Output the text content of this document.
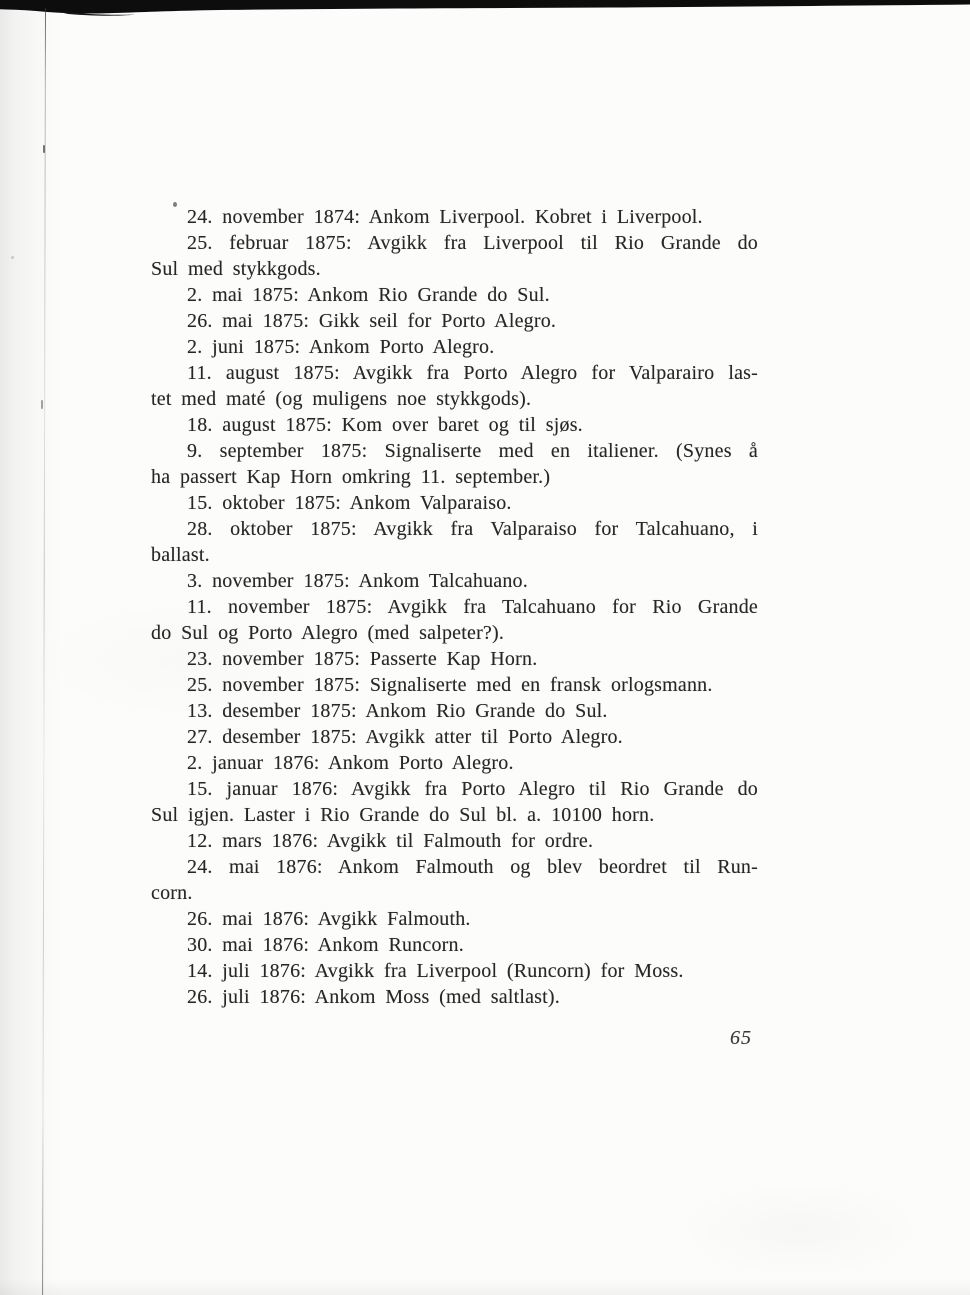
24. november 1874: Ankom Liverpool. Kobret i Liverpool.
25. februar 1875: Avgikk fra Liverpool til Rio Grande do
Sul med stykkgods.
2. mai 1875: Ankom Rio Grande do Sul.
26. mai 1875: Gikk seil for Porto Alegro.
2. juni 1875: Ankom Porto Alegro.
11. august 1875: Avgikk fra Porto Alegro for Valparairo las-
tet med maté (og muligens noe stykkgods).
18. august 1875: Kom over baret og til sjøs.
9. september 1875: Signaliserte med en italiener. (Synes å
ha passert Kap Horn omkring 11. september.)
15. oktober 1875: Ankom Valparaiso.
28. oktober 1875: Avgikk fra Valparaiso for Talcahuano, i
ballast.
3. november 1875: Ankom Talcahuano.
11. november 1875: Avgikk fra Talcahuano for Rio Grande
do Sul og Porto Alegro (med salpeter?).
23. november 1875: Passerte Kap Horn.
25. november 1875: Signaliserte med en fransk orlogsmann.
13. desember 1875: Ankom Rio Grande do Sul.
27. desember 1875: Avgikk atter til Porto Alegro.
2. januar 1876: Ankom Porto Alegro.
15. januar 1876: Avgikk fra Porto Alegro til Rio Grande do
Sul igjen. Laster i Rio Grande do Sul bl. a. 10100 horn.
12. mars 1876: Avgikk til Falmouth for ordre.
24. mai 1876: Ankom Falmouth og blev beordret til Run-
corn.
26. mai 1876: Avgikk Falmouth.
30. mai 1876: Ankom Runcorn.
14. juli 1876: Avgikk fra Liverpool (Runcorn) for Moss.
26. juli 1876: Ankom Moss (med saltlast).
65
